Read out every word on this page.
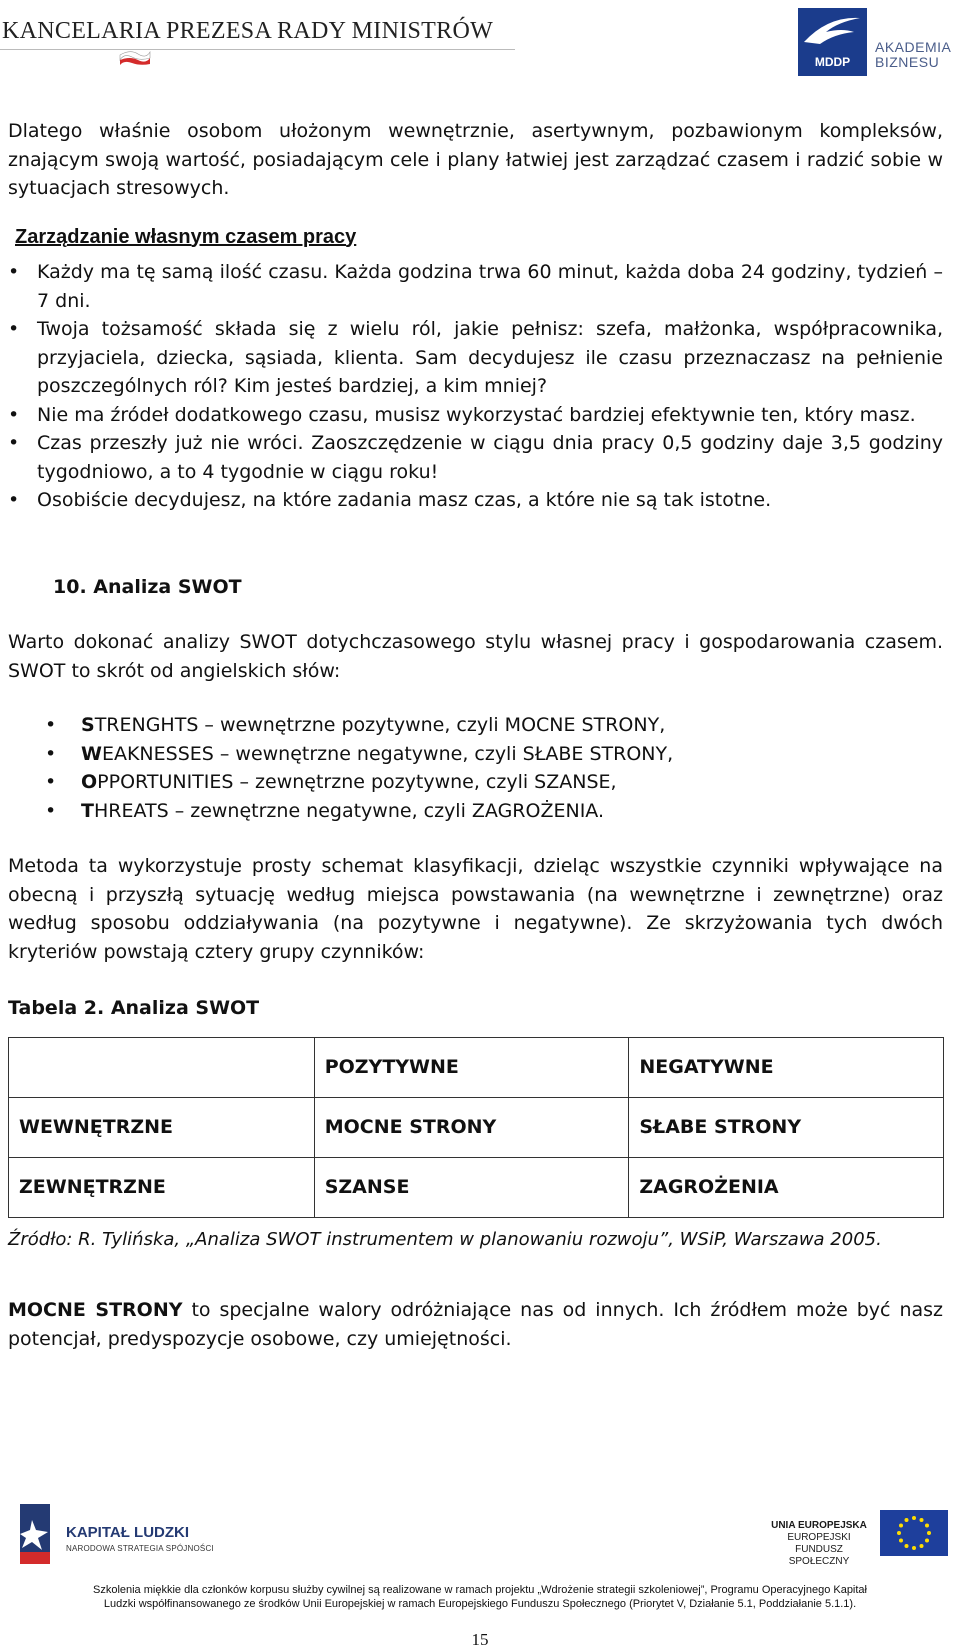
KANCELARIA PREZESA RADY MINISTRÓW
MDDP
AKADEMIA
BIZNESU

Dlatego właśnie osobom ułożonym wewnętrznie, asertywnym, pozbawionym kompleksów, znającym swoją wartość, posiadającym cele i plany łatwiej jest zarządzać czasem i radzić sobie w sytuacjach stresowych.

Zarządzanie własnym czasem pracy
• Każdy ma tę samą ilość czasu. Każda godzina trwa 60 minut, każda doba 24 godziny, tydzień – 7 dni.
• Twoja tożsamość składa się z wielu ról, jakie pełnisz: szefa, małżonka, współpracownika, przyjaciela, dziecka, sąsiada, klienta. Sam decydujesz ile czasu przeznaczasz na pełnienie poszczególnych ról? Kim jesteś bardziej, a kim mniej?
• Nie ma źródeł dodatkowego czasu, musisz wykorzystać bardziej efektywnie ten, który masz.
• Czas przeszły już nie wróci. Zaoszczędzenie w ciągu dnia pracy 0,5 godziny daje 3,5 godziny tygodniowo, a to 4 tygodnie w ciągu roku!
• Osobiście decydujesz, na które zadania masz czas, a które nie są tak istotne.
10. Analiza SWOT

Warto dokonać analizy SWOT dotychczasowego stylu własnej pracy i gospodarowania czasem. SWOT to skrót od angielskich słów:

• STRENGHTS – wewnętrzne pozytywne, czyli MOCNE STRONY,
• WEAKNESSES – wewnętrzne negatywne, czyli SŁABE STRONY,
• OPPORTUNITIES – zewnętrzne pozytywne, czyli SZANSE,
• THREATS – zewnętrzne negatywne, czyli ZAGROŻENIA.

Metoda ta wykorzystuje prosty schemat klasyfikacji, dzieląc wszystkie czynniki wpływające na obecną i przyszłą sytuację według miejsca powstawania (na wewnętrzne i zewnętrzne) oraz według sposobu oddziaływania (na pozytywne i negatywne). Ze skrzyżowania tych dwóch kryteriów powstają cztery grupy czynników:

Tabela 2. Analiza SWOT
	POZYTYWNE	NEGATYWNE
WEWNĘTRZNE	MOCNE STRONY	SŁABE STRONY
ZEWNĘTRZNE	SZANSE	ZAGROŻENIA

Źródło: R. Tylińska, „Analiza SWOT instrumentem w planowaniu rozwoju”, WSiP, Warszawa 2005.

MOCNE STRONY to specjalne walory odróżniające nas od innych. Ich źródłem może być nasz potencjał, predyspozycje osobowe, czy umiejętności.

KAPITAŁ LUDZKI
NARODOWA STRATEGIA SPÓJNOŚCI
UNIA EUROPEJSKA
EUROPEJSKI
FUNDUSZ SPOŁECZNY
Szkolenia miękkie dla członków korpusu służby cywilnej są realizowane w ramach projektu „Wdrożenie strategii szkoleniowej”, Programu Operacyjnego Kapitał
Ludzki współfinansowanego ze środków Unii Europejskiej w ramach Europejskiego Funduszu Społecznego (Priorytet V, Działanie 5.1, Poddziałanie 5.1.1).
15
